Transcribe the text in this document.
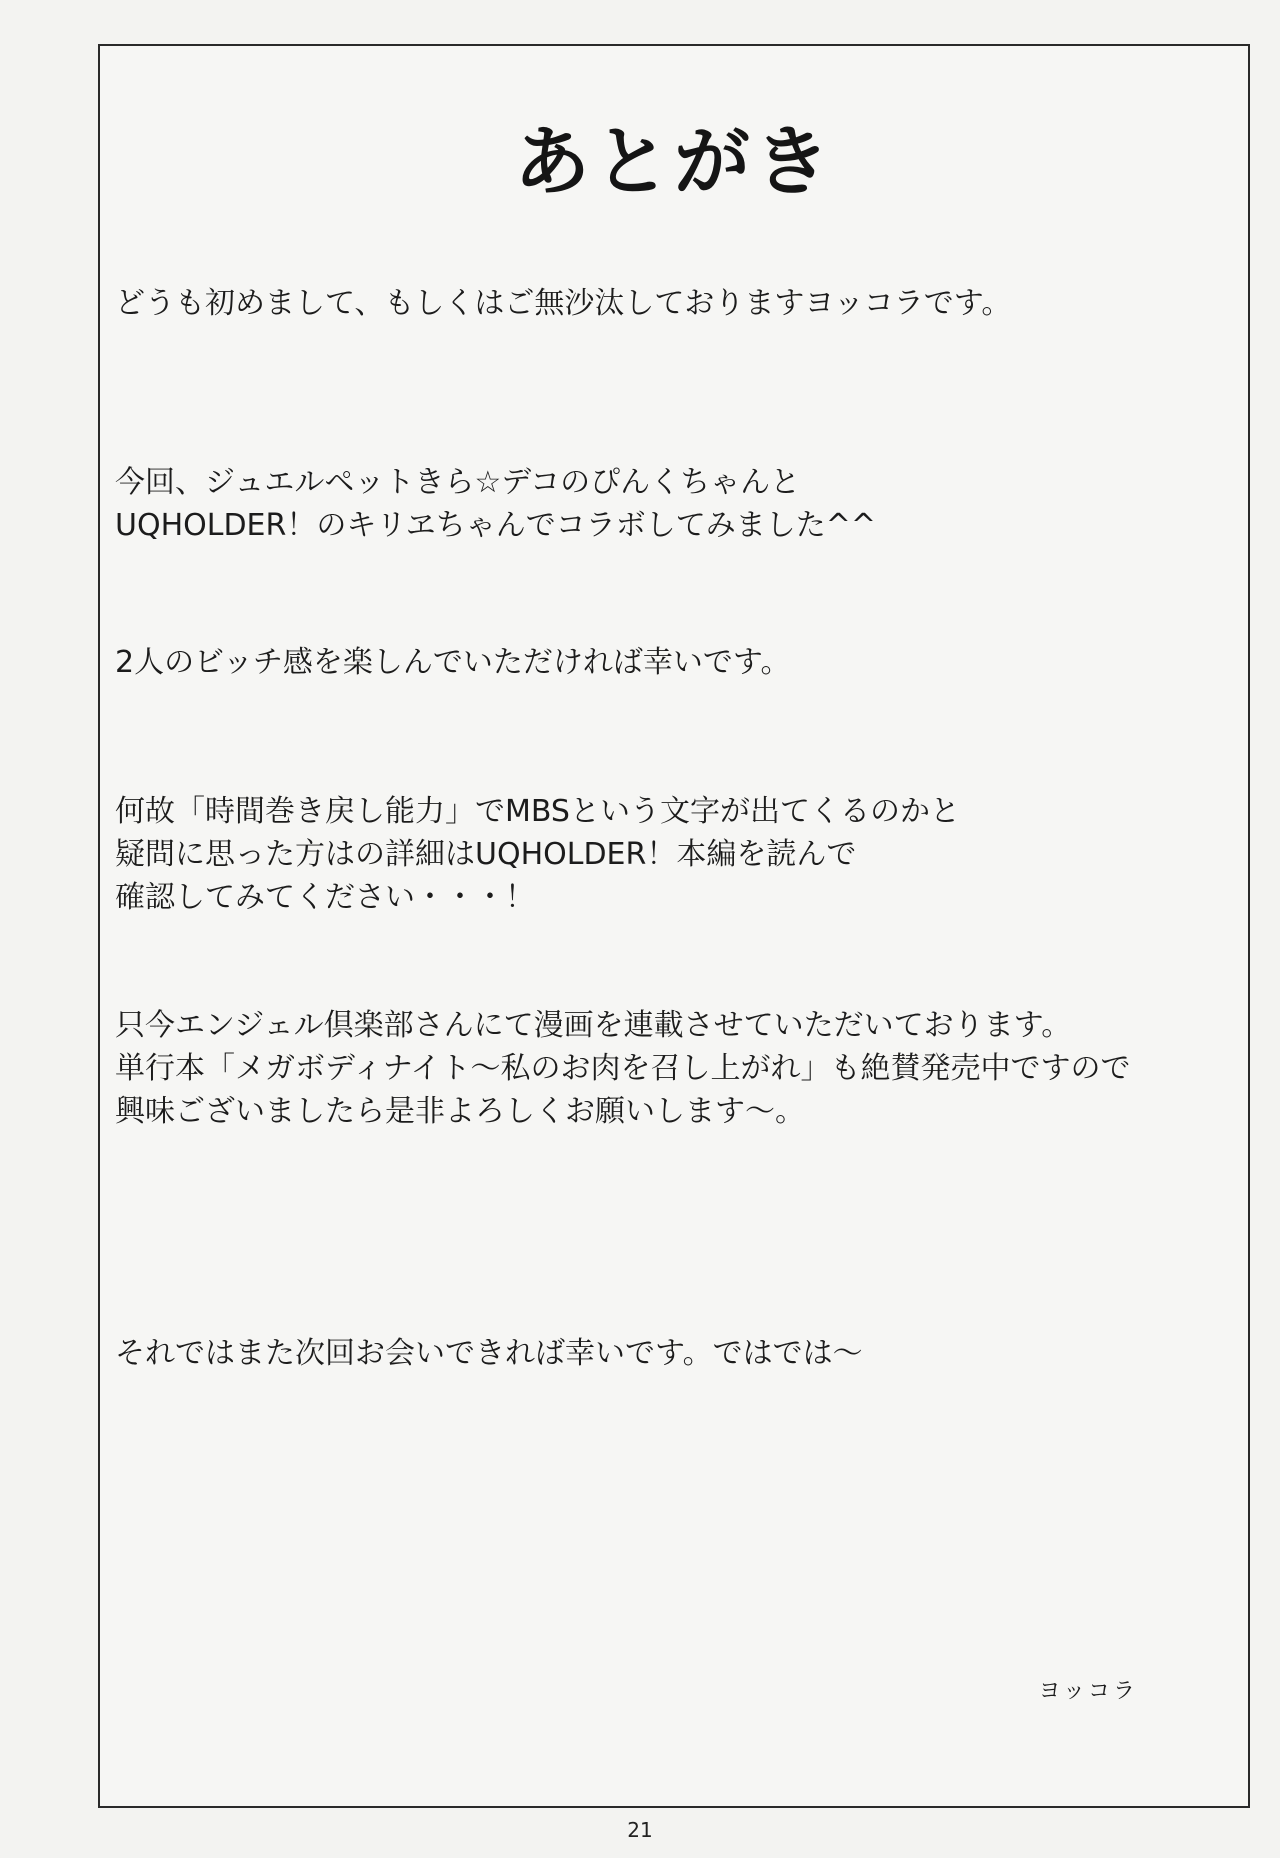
あとがき
どうも初めまして、もしくはご無沙汰しておりますヨッコラです。
今回、ジュエルペットきら☆デコのぴんくちゃんと
UQHOLDER！のキリヱちゃんでコラボしてみました^^
2人のビッチ感を楽しんでいただければ幸いです。
何故「時間巻き戻し能力」でMBSという文字が出てくるのかと
疑問に思った方はの詳細はUQHOLDER！本編を読んで
確認してみてください・・・！
只今エンジェル倶楽部さんにて漫画を連載させていただいております。
単行本「メガボディナイト～私のお肉を召し上がれ」も絶賛発売中ですので
興味ございましたら是非よろしくお願いします～。
それではまた次回お会いできれば幸いです。ではでは～
ヨッコラ
21
